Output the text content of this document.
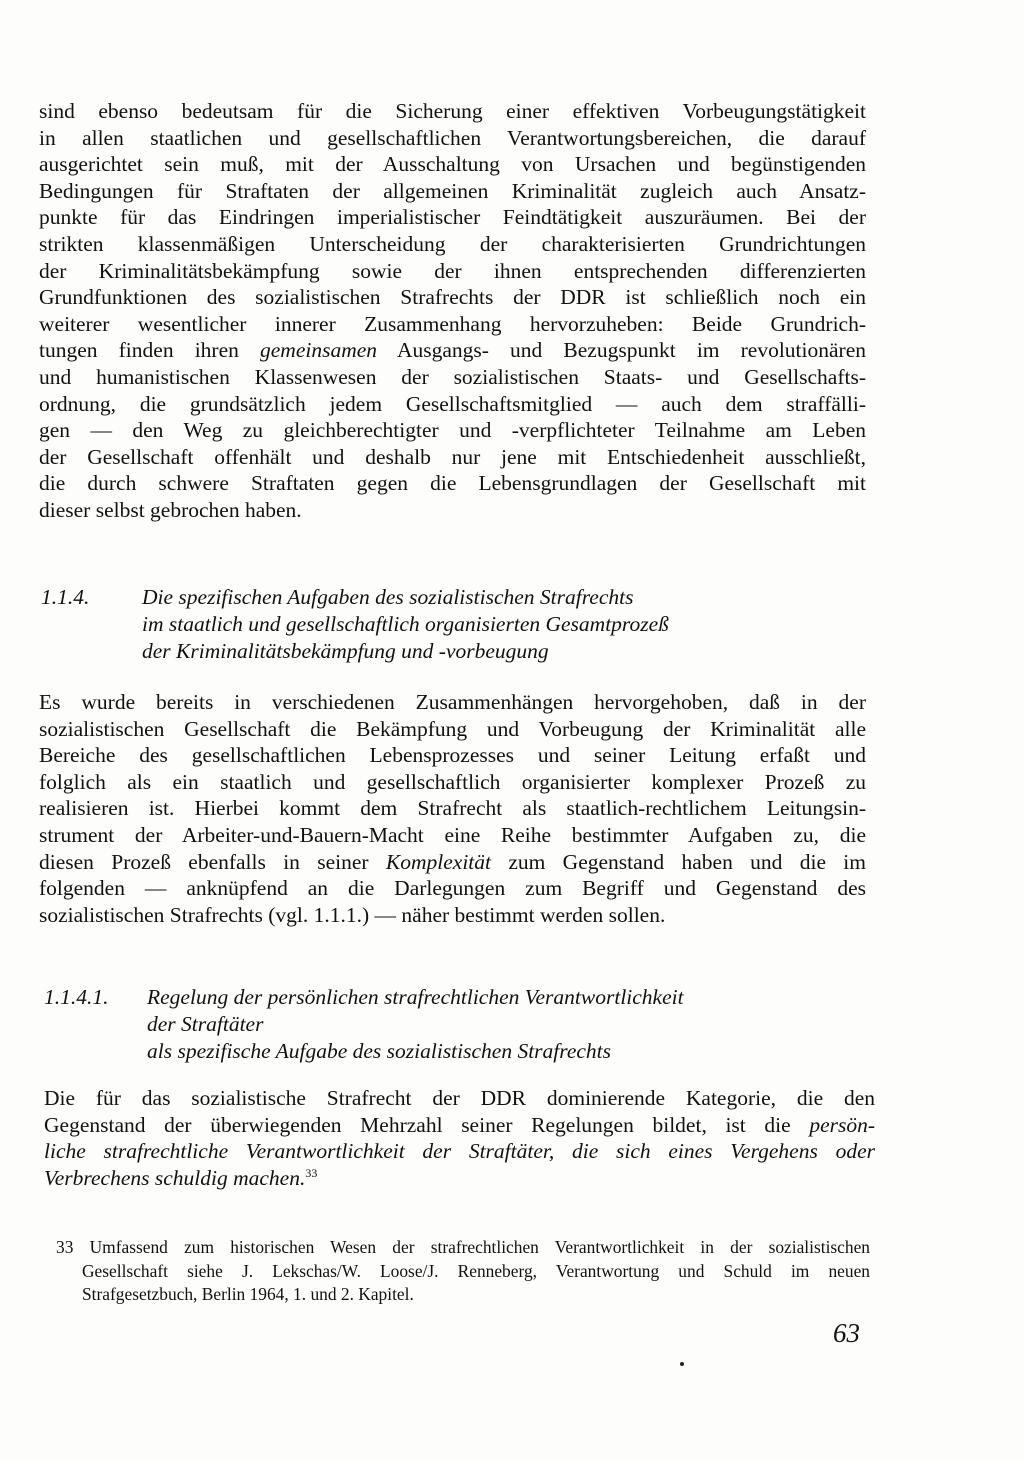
sind ebenso bedeutsam für die Sicherung einer effektiven Vorbeugungstätigkeit
in allen staatlichen und gesellschaftlichen Verantwortungsbereichen, die darauf
ausgerichtet sein muß, mit der Ausschaltung von Ursachen und begünstigenden
Bedingungen für Straftaten der allgemeinen Kriminalität zugleich auch Ansatz-
punkte für das Eindringen imperialistischer Feindtätigkeit auszuräumen. Bei der
strikten klassenmäßigen Unterscheidung der charakterisierten Grundrichtungen
der Kriminalitätsbekämpfung sowie der ihnen entsprechenden differenzierten
Grundfunktionen des sozialistischen Strafrechts der DDR ist schließlich noch ein
weiterer wesentlicher innerer Zusammenhang hervorzuheben: Beide Grundrich-
tungen finden ihren gemeinsamen Ausgangs- und Bezugspunkt im revolutionären
und humanistischen Klassenwesen der sozialistischen Staats- und Gesellschafts-
ordnung, die grundsätzlich jedem Gesellschaftsmitglied — auch dem straffälli-
gen — den Weg zu gleichberechtigter und -verpflichteter Teilnahme am Leben
der Gesellschaft offenhält und deshalb nur jene mit Entschiedenheit ausschließt,
die durch schwere Straftaten gegen die Lebensgrundlagen der Gesellschaft mit
dieser selbst gebrochen haben.
1.1.4. Die spezifischen Aufgaben des sozialistischen Strafrechts
im staatlich und gesellschaftlich organisierten Gesamtprozeß
der Kriminalitätsbekämpfung und -vorbeugung
Es wurde bereits in verschiedenen Zusammenhängen hervorgehoben, daß in der
sozialistischen Gesellschaft die Bekämpfung und Vorbeugung der Kriminalität alle
Bereiche des gesellschaftlichen Lebensprozesses und seiner Leitung erfaßt und
folglich als ein staatlich und gesellschaftlich organisierter komplexer Prozeß zu
realisieren ist. Hierbei kommt dem Strafrecht als staatlich-rechtlichem Leitungsin-
strument der Arbeiter-und-Bauern-Macht eine Reihe bestimmter Aufgaben zu, die
diesen Prozeß ebenfalls in seiner Komplexität zum Gegenstand haben und die im
folgenden — anknüpfend an die Darlegungen zum Begriff und Gegenstand des
sozialistischen Strafrechts (vgl. 1.1.1.) — näher bestimmt werden sollen.
1.1.4.1. Regelung der persönlichen strafrechtlichen Verantwortlichkeit
der Straftäter
als spezifische Aufgabe des sozialistischen Strafrechts
Die für das sozialistische Strafrecht der DDR dominierende Kategorie, die den
Gegenstand der überwiegenden Mehrzahl seiner Regelungen bildet, ist die persön-
liche strafrechtliche Verantwortlichkeit der Straftäter, die sich eines Vergehens oder
Verbrechens schuldig machen.$^{33}$
33 Umfassend zum historischen Wesen der strafrechtlichen Verantwortlichkeit in der sozialistischen
Gesellschaft siehe J. Lekschas/W. Loose/J. Renneberg, Verantwortung und Schuld im neuen
Strafgesetzbuch, Berlin 1964, 1. und 2. Kapitel.
63
